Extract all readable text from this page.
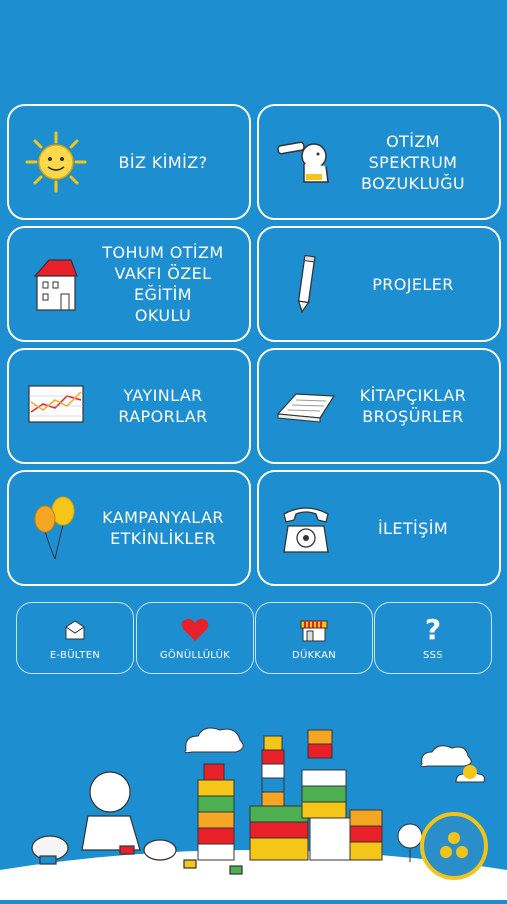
BİZ KİMİZ?
OTİZM
SPEKTRUM
BOZUKLUĞU
TOHUM OTİZM
VAKFI ÖZEL EĞİTİM
OKULU
PROJELER
YAYINLAR
RAPORLAR
KİTAPÇIKLAR
BROŞÜRLER
KAMPANYALAR
ETKİNLİKLER
İLETİŞİM
E-BÜLTEN	GÖNÜLLÜLÜK	DÜKKAN
?
SSS
